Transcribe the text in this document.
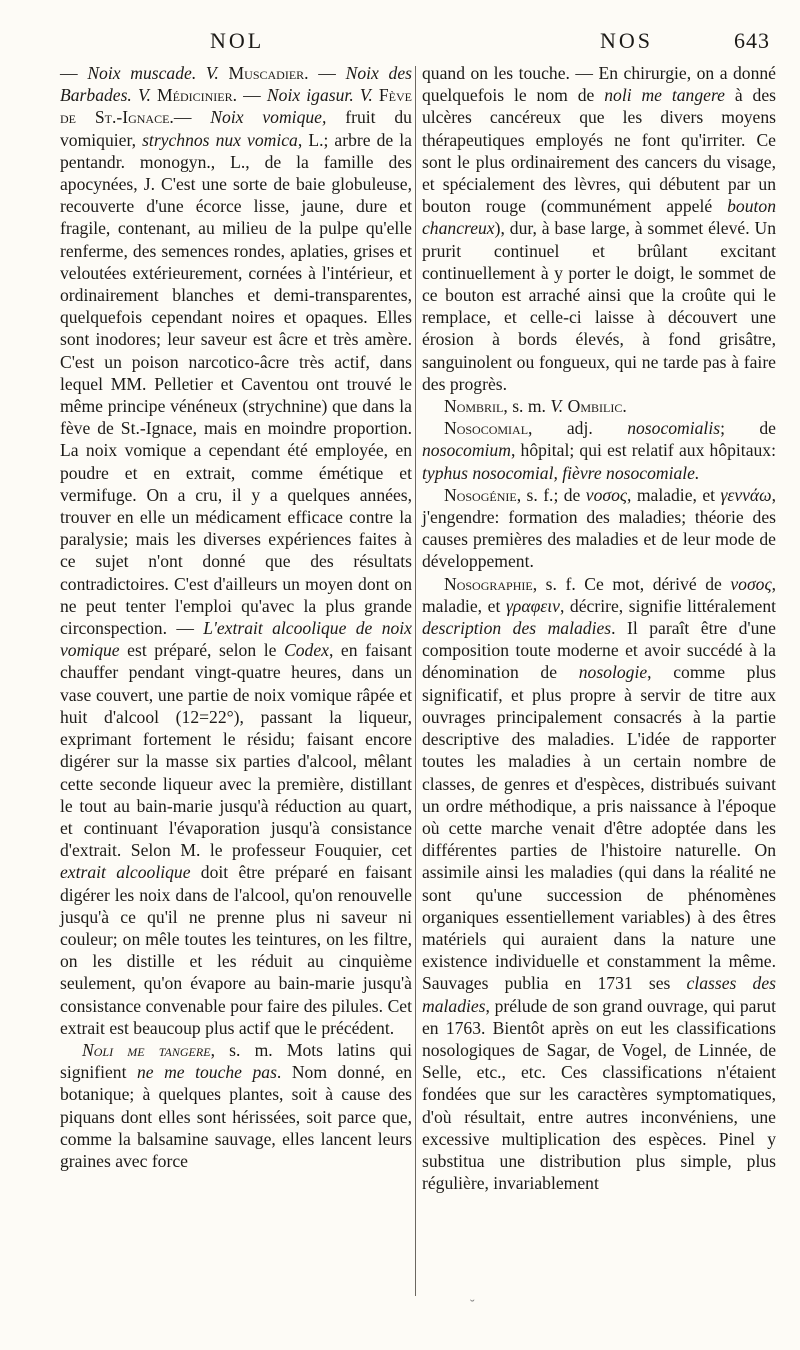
NOL	NOS	643

— Noix muscade. V. Muscadier. — Noix des Barbades. V. Médicinier. — Noix igasur. V. Fève de St.-Ignace.— Noix vomique, fruit du vomiquier, strychnos nux vomica, L.; arbre de la pentandr. monogyn., L., de la famille des apocynées, J. C'est une sorte de baie globuleuse, recouverte d'une écorce lisse, jaune, dure et fragile, contenant, au milieu de la pulpe qu'elle renferme, des semences rondes, aplaties, grises et veloutées extérieurement, cornées à l'intérieur, et ordinairement blanches et demi-transparentes, quelquefois cependant noires et opaques. Elles sont inodores; leur saveur est âcre et très amère. C'est un poison narcotico-âcre très actif, dans lequel MM. Pelletier et Caventou ont trouvé le même principe vénéneux (strychnine) que dans la fève de St.-Ignace, mais en moindre proportion. La noix vomique a cependant été employée, en poudre et en extrait, comme émétique et vermifuge. On a cru, il y a quelques années, trouver en elle un médicament efficace contre la paralysie; mais les diverses expériences faites à ce sujet n'ont donné que des résultats contradictoires. C'est d'ailleurs un moyen dont on ne peut tenter l'emploi qu'avec la plus grande circonspection. — L'extrait alcoolique de noix vomique est préparé, selon le Codex, en faisant chauffer pendant vingt-quatre heures, dans un vase couvert, une partie de noix vomique râpée et huit d'alcool (12=22°), passant la liqueur, exprimant fortement le résidu; faisant encore digérer sur la masse six parties d'alcool, mêlant cette seconde liqueur avec la première, distillant le tout au bain-marie jusqu'à réduction au quart, et continuant l'évaporation jusqu'à consistance d'extrait. Selon M. le professeur Fouquier, cet extrait alcoolique doit être préparé en faisant digérer les noix dans de l'alcool, qu'on renouvelle jusqu'à ce qu'il ne prenne plus ni saveur ni couleur; on mêle toutes les teintures, on les filtre, on les distille et les réduit au cinquième seulement, qu'on évapore au bain-marie jusqu'à consistance convenable pour faire des pilules. Cet extrait est beaucoup plus actif que le précédent.

Noli me tangere, s. m. Mots latins qui signifient ne me touche pas. Nom donné, en botanique; à quelques plantes, soit à cause des piquans dont elles sont hérissées, soit parce que, comme la balsamine sauvage, elles lancent leurs graines avec force

quand on les touche. — En chirurgie, on a donné quelquefois le nom de noli me tangere à des ulcères cancéreux que les divers moyens thérapeutiques employés ne font qu'irriter. Ce sont le plus ordinairement des cancers du visage, et spécialement des lèvres, qui débutent par un bouton rouge (communément appelé bouton chancreux), dur, à base large, à sommet élevé. Un prurit continuel et brûlant excitant continuellement à y porter le doigt, le sommet de ce bouton est arraché ainsi que la croûte qui le remplace, et celle-ci laisse à découvert une érosion à bords élevés, à fond grisâtre, sanguinolent ou fongueux, qui ne tarde pas à faire des progrès.

Nombril, s. m. V. Ombilic.

Nosocomial, adj. nosocomialis; de nosocomium, hôpital; qui est relatif aux hôpitaux: typhus nosocomial, fièvre nosocomiale.

Nosogénie, s. f.; de νοσος, maladie, et γεννάω, j'engendre: formation des maladies; théorie des causes premières des maladies et de leur mode de développement.

Nosographie, s. f. Ce mot, dérivé de νοσος, maladie, et γραφειν, décrire, signifie littéralement description des maladies. Il paraît être d'une composition toute moderne et avoir succédé à la dénomination de nosologie, comme plus significatif, et plus propre à servir de titre aux ouvrages principalement consacrés à la partie descriptive des maladies. L'idée de rapporter toutes les maladies à un certain nombre de classes, de genres et d'espèces, distribués suivant un ordre méthodique, a pris naissance à l'époque où cette marche venait d'être adoptée dans les différentes parties de l'histoire naturelle. On assimile ainsi les maladies (qui dans la réalité ne sont qu'une succession de phénomènes organiques essentiellement variables) à des êtres matériels qui auraient dans la nature une existence individuelle et constamment la même. Sauvages publia en 1731 ses classes des maladies, prélude de son grand ouvrage, qui parut en 1763. Bientôt après on eut les classifications nosologiques de Sagar, de Vogel, de Linnée, de Selle, etc., etc. Ces classifications n'étaient fondées que sur les caractères symptomatiques, d'où résultait, entre autres inconvéniens, une excessive multiplication des espèces. Pinel y substitua une distribution plus simple, plus régulière, invariablement

˘
